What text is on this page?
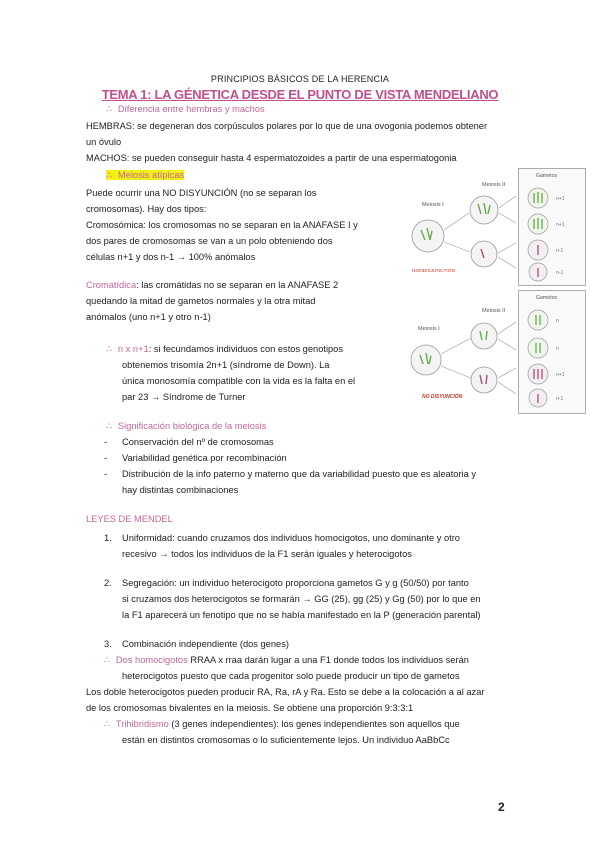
PRINCIPIOS BÁSICOS DE LA HERENCIA
TEMA 1: LA GÉNETICA DESDE EL PUNTO DE VISTA MENDELIANO
∴ Diferencia entre hembras y machos
HEMBRAS: se degeneran dos corpúsculos polares por lo que de una ovogonia podemos obtener
un óvulo
MACHOS: se pueden conseguir hasta 4 espermatozoides a partir de una espermatogonia
∴ Meiosis atípicas
Puede ocurrir una NO DISYUNCIÓN (no se separan los
cromosomas). Hay dos tipos:
Cromosómica: los cromosomas no se separan en la ANAFASE I y
dos pares de cromosomas se van a un polo obteniendo dos
células n+1 y dos n-1 → 100% anómalos
Cromatídica: las cromátidas no se separan en la ANAFASE 2
quedando la mitad de gametos normales y la otra mitad
anómalos (uno n+1 y otro n-1)
∴ n x n+1: si fecundamos individuos con estos genotipos
obtenemos trisomía 2n+1 (síndrome de Down). La
única monosomía compatible con la vida es la falta en el
par 23 → Síndrome de Turner
Meiosis I
Meiosis II
NONDISJUNCTION
Gametos
n+1
n+1
n-1
n-1
Meiosis I
Meiosis II
NO DISYUNCIÓN
Gametos
n
n
n+1
n-1
∴ Significación biológica de la meiosis
- Conservación del nº de cromosomas
- Variabilidad genética por recombinación
- Distribución de la info paterno y materno que da variabilidad puesto que es aleatoria y
hay distintas combinaciones
LEYES DE MENDEL
1. Uniformidad: cuando cruzamos dos individuos homocigotos, uno dominante y otro
recesivo → todos los individuos de la F1 serán iguales y heterocigotos
2. Segregación: un individuo heterocigoto proporciona gametos G y g (50/50) por tanto
si cruzamos dos heterocigotos se formarán → GG (25), gg (25) y Gg (50) por lo que en
la F1 aparecerá un fenotipo que no se había manifestado en la P (generación parental)
3. Combinación independiente (dos genes)
∴ Dos homocigotos RRAA x rraa darán lugar a una F1 donde todos los individuos serán
heterocigotos puesto que cada progenitor solo puede producir un tipo de gametos
Los doble heterocigotos pueden producir RA, Ra, rA y Ra. Esto se debe a la colocación a al azar
de los cromosomas bivalentes en la meiosis. Se obtiene una proporción 9:3:3:1
∴ Trihibridismo (3 genes independientes): los genes independientes son aquellos que
están en distintos cromosomas o lo suficientemente lejos. Un individuo AaBbCc
2
